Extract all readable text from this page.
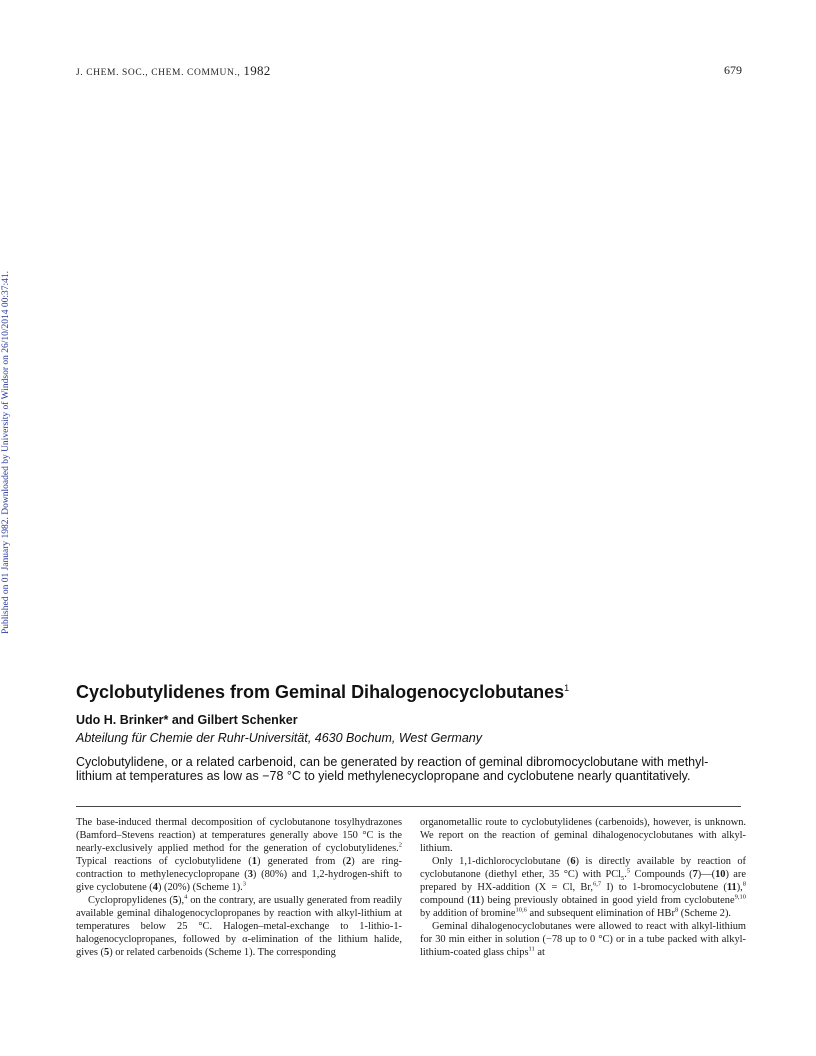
J. CHEM. SOC., CHEM. COMMUN., 1982	679
Published on 01 January 1982. Downloaded by University of Windsor on 26/10/2014 00:37:41.
Cyclobutylidenes from Geminal Dihalogenocyclobutanes$^1$
Udo H. Brinker* and Gilbert Schenker
Abteilung für Chemie der Ruhr-Universität, 4630 Bochum, West Germany
Cyclobutylidene, or a related carbenoid, can be generated by reaction of geminal dibromocyclobutane with methyl-lithium at temperatures as low as −78 °C to yield methylenecyclopropane and cyclobutene nearly quantitatively.

The base-induced thermal decomposition of cyclobutanone tosylhydrazones (Bamford–Stevens reaction) at temperatures generally above 150 °C is the nearly-exclusively applied method for the generation of cyclobutylidenes.$^2$ Typical reactions of cyclobutylidene (1) generated from (2) are ring-contraction to methylenecyclopropane (3) (80%) and 1,2-hydrogen-shift to give cyclobutene (4) (20%) (Scheme 1).$^3$

Cyclopropylidenes (5),$^4$ on the contrary, are usually generated from readily available geminal dihalogenocyclopropanes by reaction with alkyl-lithium at temperatures below 25 °C. Halogen–metal-exchange to 1-lithio-1-halogenocyclopropanes, followed by α-elimination of the lithium halide, gives (5) or related carbenoids (Scheme 1). The corresponding

organometallic route to cyclobutylidenes (carbenoids), however, is unknown. We report on the reaction of geminal dihalogenocyclobutanes with alkyl-lithium.

Only 1,1-dichlorocyclobutane (6) is directly available by reaction of cyclobutanone (diethyl ether, 35 °C) with PCl$_5$.$^5$ Compounds (7)—(10) are prepared by HX-addition (X = Cl, Br,$^{6,7}$ I) to 1-bromocyclobutene (11),$^8$ compound (11) being previously obtained in good yield from cyclobutene$^{9,10}$ by addition of bromine$^{10,6}$ and subsequent elimination of HBr$^8$ (Scheme 2).

Geminal dihalogenocyclobutanes were allowed to react with alkyl-lithium for 30 min either in solution (−78 up to 0 °C) or in a tube packed with alkyl-lithium-coated glass chips$^{11}$ at
